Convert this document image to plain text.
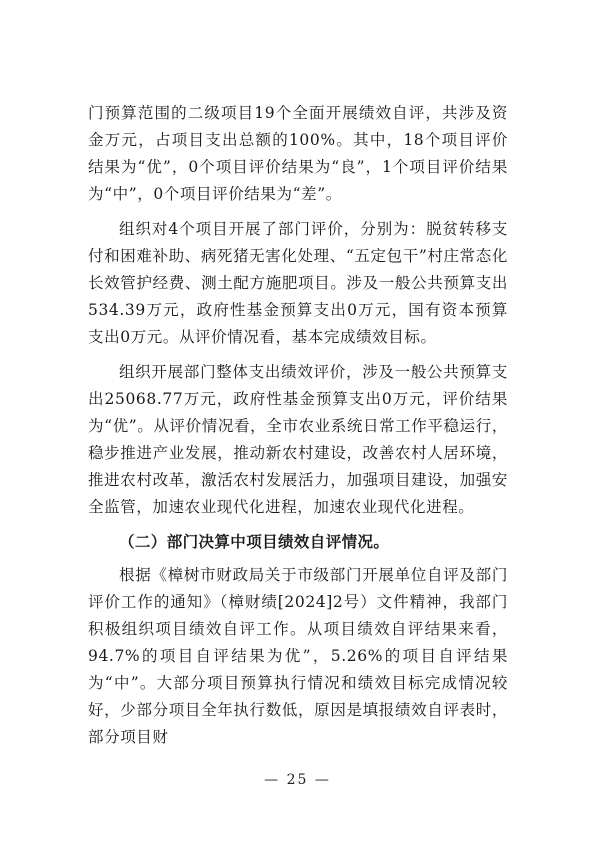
门预算范围的二级项目19个全面开展绩效自评，共涉及资金万元，占项目支出总额的100%。其中，18个项目评价结果为“优”，0个项目评价结果为“良”，1个项目评价结果为“中”，0个项目评价结果为“差”。

组织对4个项目开展了部门评价，分别为：脱贫转移支付和困难补助、病死猪无害化处理、“五定包干”村庄常态化长效管护经费、测土配方施肥项目。涉及一般公共预算支出534.39万元，政府性基金预算支出0万元，国有资本预算支出0万元。从评价情况看，基本完成绩效目标。

组织开展部门整体支出绩效评价，涉及一般公共预算支出25068.77万元，政府性基金预算支出0万元，评价结果为“优”。从评价情况看，全市农业系统日常工作平稳运行，稳步推进产业发展，推动新农村建设，改善农村人居环境，推进农村改革，激活农村发展活力，加强项目建设，加强安全监管，加速农业现代化进程，加速农业现代化进程。

（二）部门决算中项目绩效自评情况。

根据《樟树市财政局关于市级部门开展单位自评及部门评价工作的通知》（樟财绩[2024]2号）文件精神，我部门积极组织项目绩效自评工作。从项目绩效自评结果来看，94.7%的项目自评结果为优”，5.26%的项目自评结果为“中”。大部分项目预算执行情况和绩效目标完成情况较好，少部分项目全年执行数低，原因是填报绩效自评表时，部分项目财

— 25 —
